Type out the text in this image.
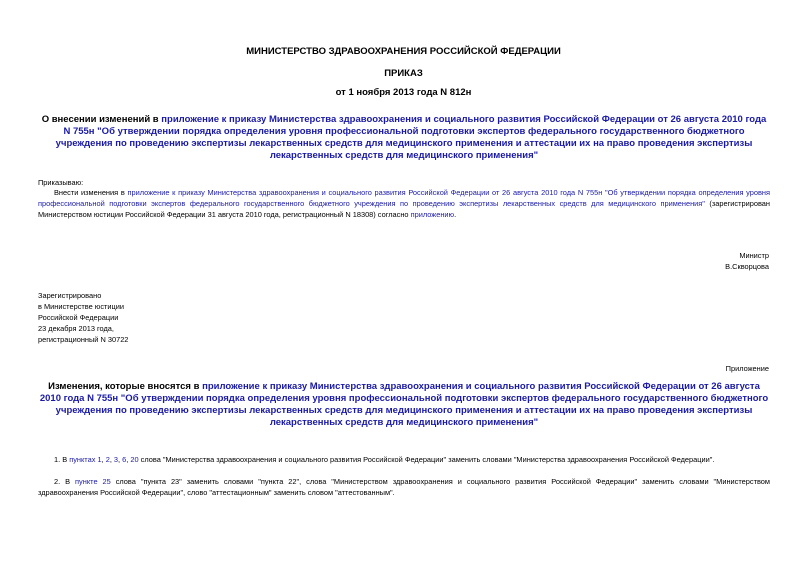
МИНИСТЕРСТВО ЗДРАВООХРАНЕНИЯ РОССИЙСКОЙ ФЕДЕРАЦИИ
ПРИКАЗ
от 1 ноября 2013 года N 812н
О внесении изменений в приложение к приказу Министерства здравоохранения и социального развития Российской Федерации от 26 августа 2010 года N 755н "Об утверждении порядка определения уровня профессиональной подготовки экспертов федерального государственного бюджетного учреждения по проведению экспертизы лекарственных средств для медицинского применения и аттестации их на право проведения экспертизы лекарственных средств для медицинского применения"
Приказываю:
Внести изменения в приложение к приказу Министерства здравоохранения и социального развития Российской Федерации от 26 августа 2010 года N 755н "Об утверждении порядка определения уровня профессиональной подготовки экспертов федерального государственного бюджетного учреждения по проведению экспертизы лекарственных средств для медицинского применения" (зарегистрирован Министерством юстиции Российской Федерации 31 августа 2010 года, регистрационный N 18308) согласно приложению.
Министр
В.Скворцова
Зарегистрировано
в Министерстве юстиции
Российской Федерации
23 декабря 2013 года,
регистрационный N 30722
Приложение
Изменения, которые вносятся в приложение к приказу Министерства здравоохранения и социального развития Российской Федерации от 26 августа 2010 года N 755н "Об утверждении порядка определения уровня профессиональной подготовки экспертов федерального государственного бюджетного учреждения по проведению экспертизы лекарственных средств для медицинского применения и аттестации их на право проведения экспертизы лекарственных средств для медицинского применения"
1. В пунктах 1, 2, 3, 6, 20 слова "Министерства здравоохранения и социального развития Российской Федерации" заменить словами "Министерства здравоохранения Российской Федерации".
2. В пункте 25 слова "пункта 23" заменить словами "пункта 22", слова "Министерством здравоохранения и социального развития Российской Федерации" заменить словами "Министерством здравоохранения Российской Федерации", слово "аттестационным" заменить словом "аттестованным".
